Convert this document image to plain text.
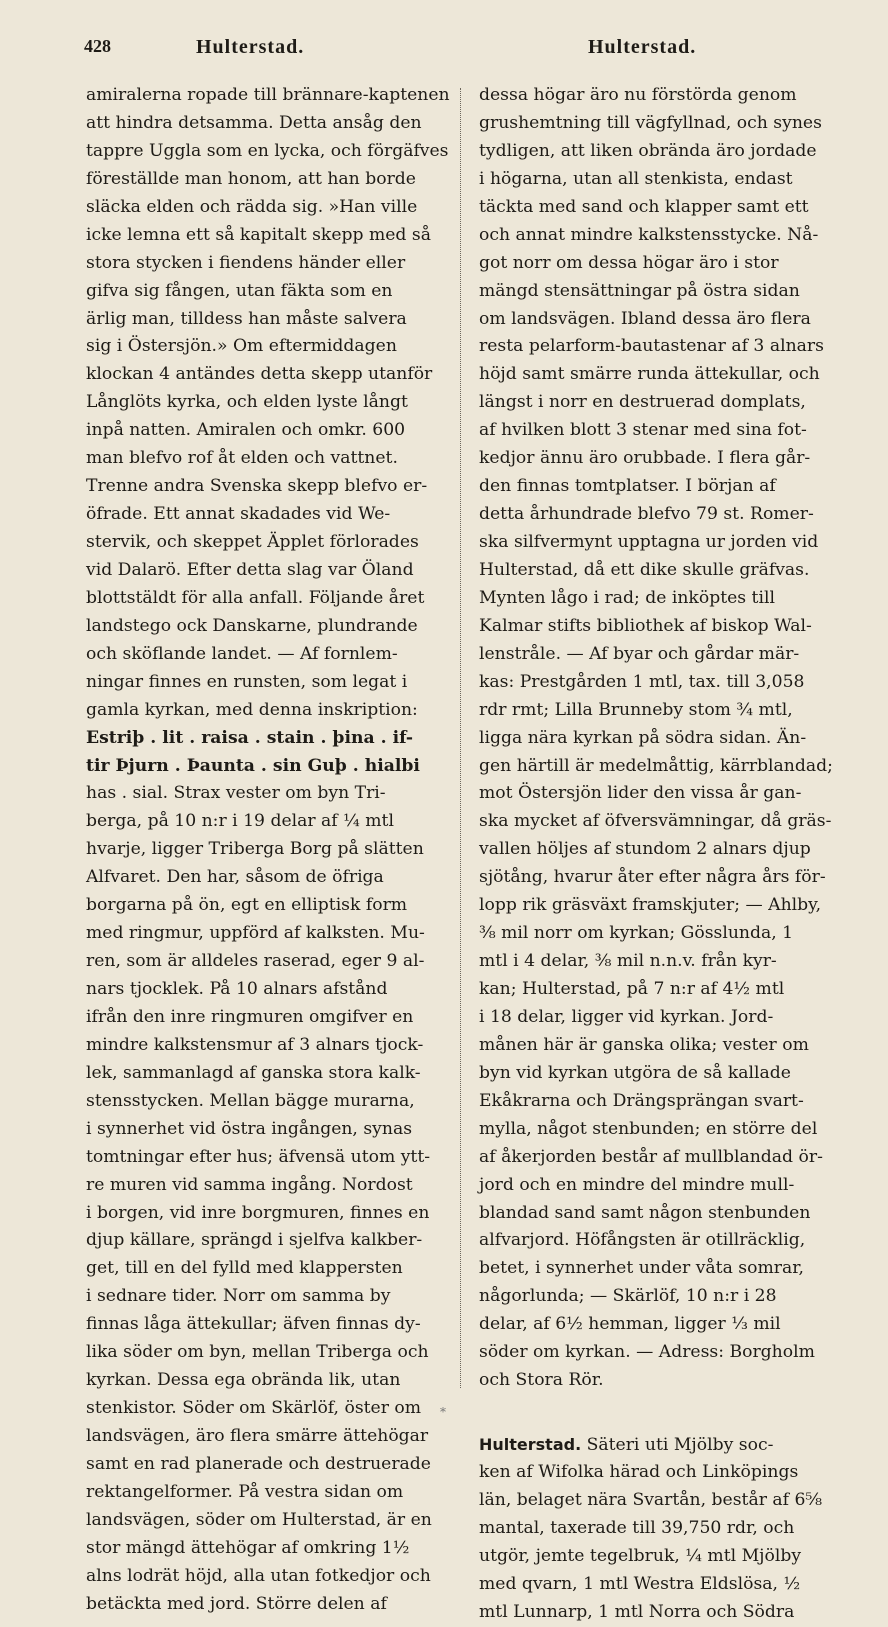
428	Hulterstad.	Hulterstad.
amiralerna ropade till brännare-kaptenen
att hindra detsamma. Detta ansåg den
tappre Uggla som en lycka, och förgäfves
föreställde man honom, att han borde
släcka elden och rädda sig. »Han ville
icke lemna ett så kapitalt skepp med så
stora stycken i fiendens händer eller
gifva sig fången, utan fäkta som en
ärlig man, tilldess han måste salvera
sig i Östersjön.» Om eftermiddagen
klockan 4 antändes detta skepp utanför
Långlöts kyrka, och elden lyste långt
inpå natten. Amiralen och omkr. 600
man blefvo rof åt elden och vattnet.
Trenne andra Svenska skepp blefvo er-
öfrade. Ett annat skadades vid We-
stervik, och skeppet Äpplet förlorades
vid Dalarö. Efter detta slag var Öland
blottstäldt för alla anfall. Följande året
landstego ock Danskarne, plundrande
och sköflande landet. — Af fornlem-
ningar finnes en runsten, som legat i
gamla kyrkan, med denna inskription:
Estriþ . lit . raisa . stain . þina . if-
tir Þjurn . Þaunta . sin Guþ . hialbi
has . sial. Strax vester om byn Tri-
berga, på 10 n:r i 19 delar af ¼ mtl
hvarje, ligger Triberga Borg på slätten
Alfvaret. Den har, såsom de öfriga
borgarna på ön, egt en elliptisk form
med ringmur, uppförd af kalksten. Mu-
ren, som är alldeles raserad, eger 9 al-
nars tjocklek. På 10 alnars afstånd
ifrån den inre ringmuren omgifver en
mindre kalkstensmur af 3 alnars tjock-
lek, sammanlagd af ganska stora kalk-
stensstycken. Mellan bägge murarna,
i synnerhet vid östra ingången, synas
tomtningar efter hus; äfvensä utom ytt-
re muren vid samma ingång. Nordost
i borgen, vid inre borgmuren, finnes en
djup källare, sprängd i sjelfva kalkber-
get, till en del fylld med klappersten
i sednare tider. Norr om samma by
finnas låga ättekullar; äfven finnas dy-
lika söder om byn, mellan Triberga och
kyrkan. Dessa ega obrända lik, utan
stenkistor. Söder om Skärlöf, öster om
landsvägen, äro flera smärre ättehögar
samt en rad planerade och destruerade
rektangelformer. På vestra sidan om
landsvägen, söder om Hulterstad, är en
stor mängd ättehögar af omkring 1½
alns lodrät höjd, alla utan fotkedjor och
betäckta med jord. Större delen af
dessa högar äro nu förstörda genom
grushemtning till vägfyllnad, och synes
tydligen, att liken obrända äro jordade
i högarna, utan all stenkista, endast
täckta med sand och klapper samt ett
och annat mindre kalkstensstycke. Nå-
got norr om dessa högar äro i stor
mängd stensättningar på östra sidan
om landsvägen. Ibland dessa äro flera
resta pelarform-bautastenar af 3 alnars
höjd samt smärre runda ättekullar, och
längst i norr en destruerad domplats,
af hvilken blott 3 stenar med sina fot-
kedjor ännu äro orubbade. I flera går-
den finnas tomtplatser. I början af
detta århundrade blefvo 79 st. Romer-
ska silfvermynt upptagna ur jorden vid
Hulterstad, då ett dike skulle gräfvas.
Mynten lågo i rad; de inköptes till
Kalmar stifts bibliothek af biskop Wal-
lenstråle. — Af byar och gårdar mär-
kas: Prestgården 1 mtl, tax. till 3,058
rdr rmt; Lilla Brunneby stom ¾ mtl,
ligga nära kyrkan på södra sidan. Än-
gen härtill är medelmåttig, kärrblandad;
mot Östersjön lider den vissa år gan-
ska mycket af öfversvämningar, då gräs-
vallen höljes af stundom 2 alnars djup
sjötång, hvarur åter efter några års för-
lopp rik gräsväxt framskjuter; — Ahlby,
⅜ mil norr om kyrkan; Gösslunda, 1
mtl i 4 delar, ⅜ mil n.n.v. från kyr-
kan; Hulterstad, på 7 n:r af 4½ mtl
i 18 delar, ligger vid kyrkan. Jord-
månen här är ganska olika; vester om
byn vid kyrkan utgöra de så kallade
Ekåkrarna och Drängsprängan svart-
mylla, något stenbunden; en större del
af åkerjorden består af mullblandad ör-
jord och en mindre del mindre mull-
blandad sand samt någon stenbunden
alfvarjord. Höfångsten är otillräcklig,
betet, i synnerhet under våta somrar,
någorlunda; — Skärlöf, 10 n:r i 28
delar, af 6½ hemman, ligger ⅓ mil
söder om kyrkan. — Adress: Borgholm
och Stora Rör.
Hulterstad. Säteri uti Mjölby soc-
ken af Wifolka härad och Linköpings
län, belaget nära Svartån, består af 6⅝
mantal, taxerade till 39,750 rdr, och
utgör, jemte tegelbruk, ¼ mtl Mjölby
med qvarn, 1 mtl Westra Eldslösa, ½
mtl Lunnarp, 1 mtl Norra och Södra
*
